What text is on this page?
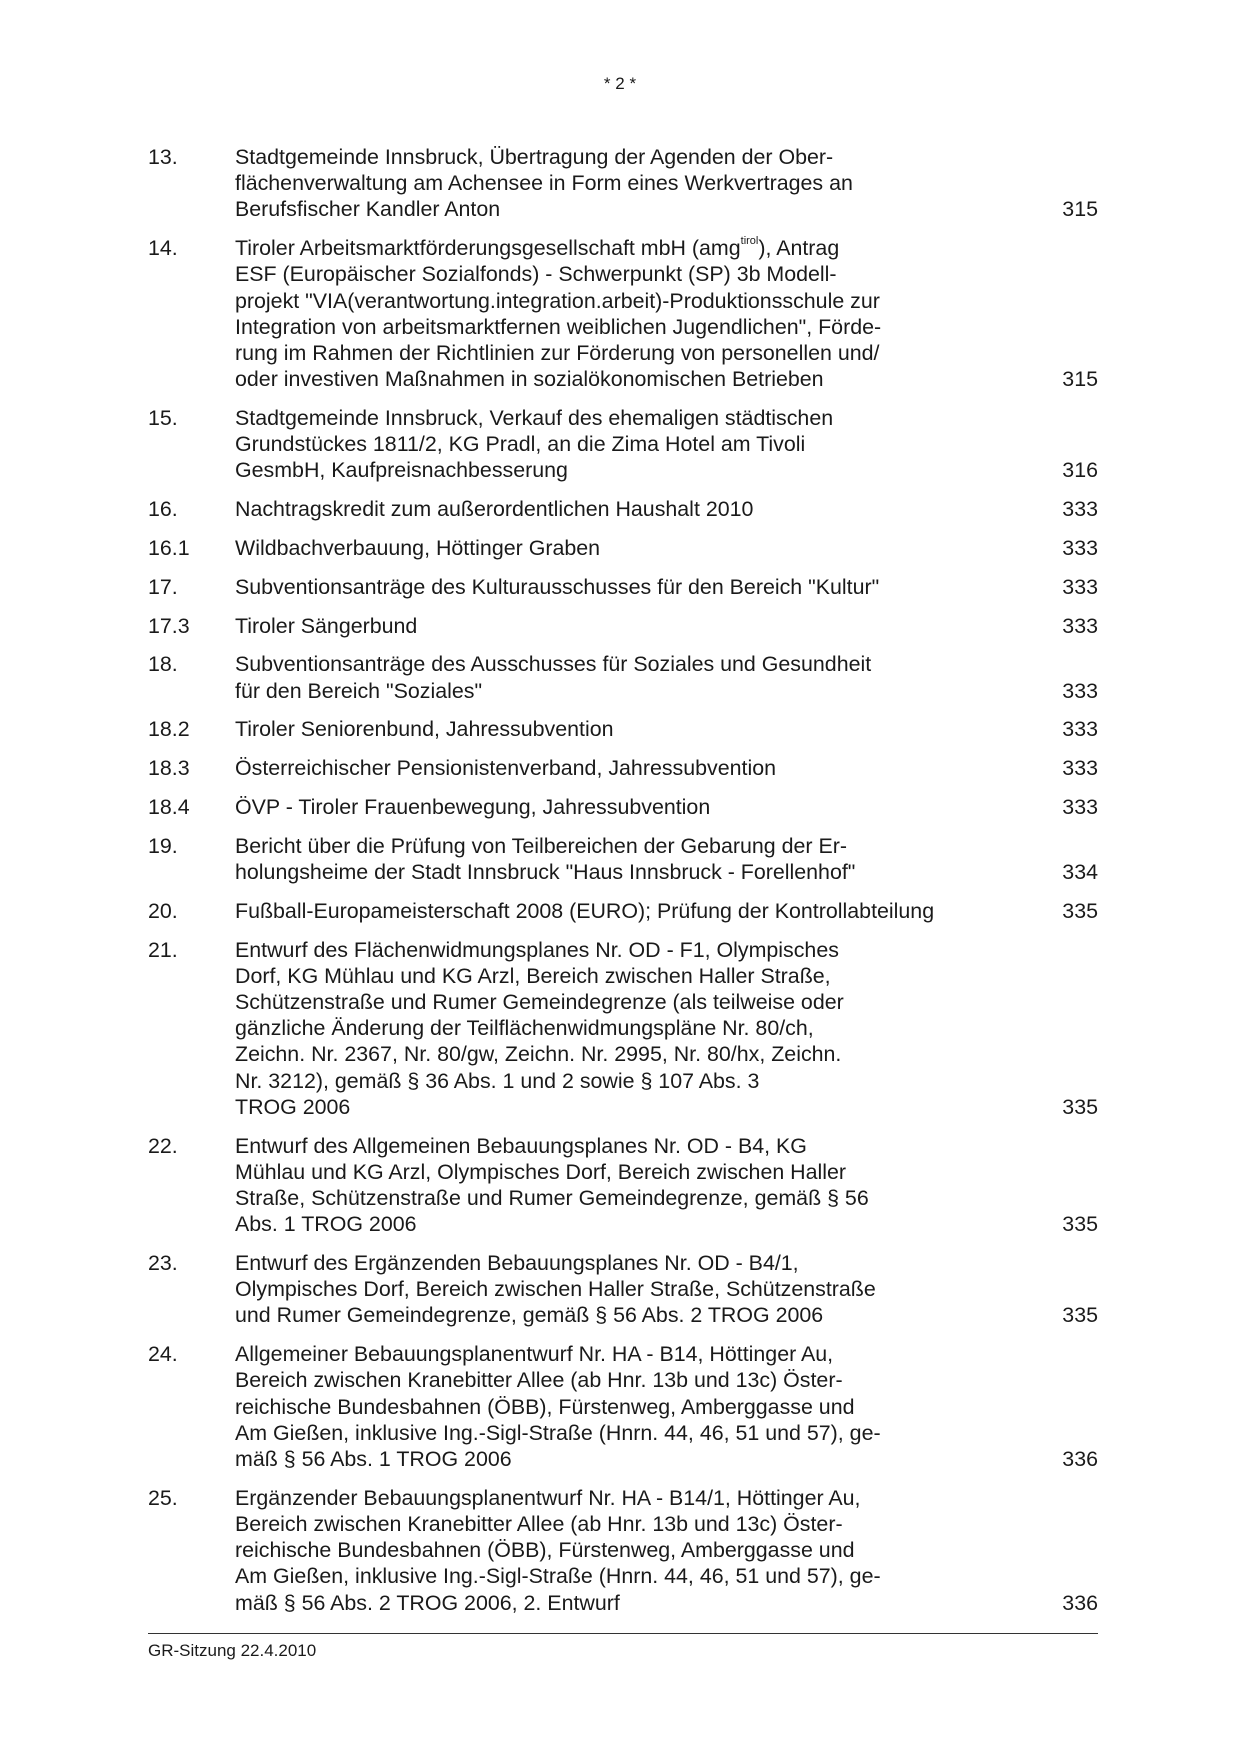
* 2 *
13.	Stadtgemeinde Innsbruck, Übertragung der Agenden der Ober-
flächenverwaltung am Achensee in Form eines Werkvertrages an
Berufsfischer Kandler Anton	315
14.	Tiroler Arbeitsmarktförderungsgesellschaft mbH (amg$^{tirol}$), Antrag
ESF (Europäischer Sozialfonds) - Schwerpunkt (SP) 3b Modell-
projekt "VIA(verantwortung.integration.arbeit)-Produktionsschule zur
Integration von arbeitsmarktfernen weiblichen Jugendlichen", Förde-
rung im Rahmen der Richtlinien zur Förderung von personellen und/
oder investiven Maßnahmen in sozialökonomischen Betrieben	315
15.	Stadtgemeinde Innsbruck, Verkauf des ehemaligen städtischen
Grundstückes 1811/2, KG Pradl, an die Zima Hotel am Tivoli
GesmbH, Kaufpreisnachbesserung	316
16.	Nachtragskredit zum außerordentlichen Haushalt 2010	333
16.1	Wildbachverbauung, Höttinger Graben	333
17.	Subventionsanträge des Kulturausschusses für den Bereich "Kultur"	333
17.3	Tiroler Sängerbund	333
18.	Subventionsanträge des Ausschusses für Soziales und Gesundheit
für den Bereich "Soziales"	333
18.2	Tiroler Seniorenbund, Jahressubvention	333
18.3	Österreichischer Pensionistenverband, Jahressubvention	333
18.4	ÖVP - Tiroler Frauenbewegung, Jahressubvention	333
19.	Bericht über die Prüfung von Teilbereichen der Gebarung der Er-
holungsheime der Stadt Innsbruck "Haus Innsbruck - Forellenhof"	334
20.	Fußball-Europameisterschaft 2008 (EURO); Prüfung der Kontrollabteilung	335
21.	Entwurf des Flächenwidmungsplanes Nr. OD - F1, Olympisches
Dorf, KG Mühlau und KG Arzl, Bereich zwischen Haller Straße,
Schützenstraße und Rumer Gemeindegrenze (als teilweise oder
gänzliche Änderung der Teilflächenwidmungspläne Nr. 80/ch,
Zeichn. Nr. 2367, Nr. 80/gw, Zeichn. Nr. 2995, Nr. 80/hx, Zeichn.
Nr. 3212), gemäß § 36 Abs. 1 und 2 sowie § 107 Abs. 3
TROG 2006	335
22.	Entwurf des Allgemeinen Bebauungsplanes Nr. OD - B4, KG
Mühlau und KG Arzl, Olympisches Dorf, Bereich zwischen Haller
Straße, Schützenstraße und Rumer Gemeindegrenze, gemäß § 56
Abs. 1 TROG 2006	335
23.	Entwurf des Ergänzenden Bebauungsplanes Nr. OD - B4/1,
Olympisches Dorf, Bereich zwischen Haller Straße, Schützenstraße
und Rumer Gemeindegrenze, gemäß § 56 Abs. 2 TROG 2006	335
24.	Allgemeiner Bebauungsplanentwurf Nr. HA - B14, Höttinger Au,
Bereich zwischen Kranebitter Allee (ab Hnr. 13b und 13c) Öster-
reichische Bundesbahnen (ÖBB), Fürstenweg, Amberggasse und
Am Gießen, inklusive Ing.-Sigl-Straße (Hnrn. 44, 46, 51 und 57), ge-
mäß § 56 Abs. 1 TROG 2006	336
25.	Ergänzender Bebauungsplanentwurf Nr. HA - B14/1, Höttinger Au,
Bereich zwischen Kranebitter Allee (ab Hnr. 13b und 13c) Öster-
reichische Bundesbahnen (ÖBB), Fürstenweg, Amberggasse und
Am Gießen, inklusive Ing.-Sigl-Straße (Hnrn. 44, 46, 51 und 57), ge-
mäß § 56 Abs. 2 TROG 2006, 2. Entwurf	336
GR-Sitzung 22.4.2010
